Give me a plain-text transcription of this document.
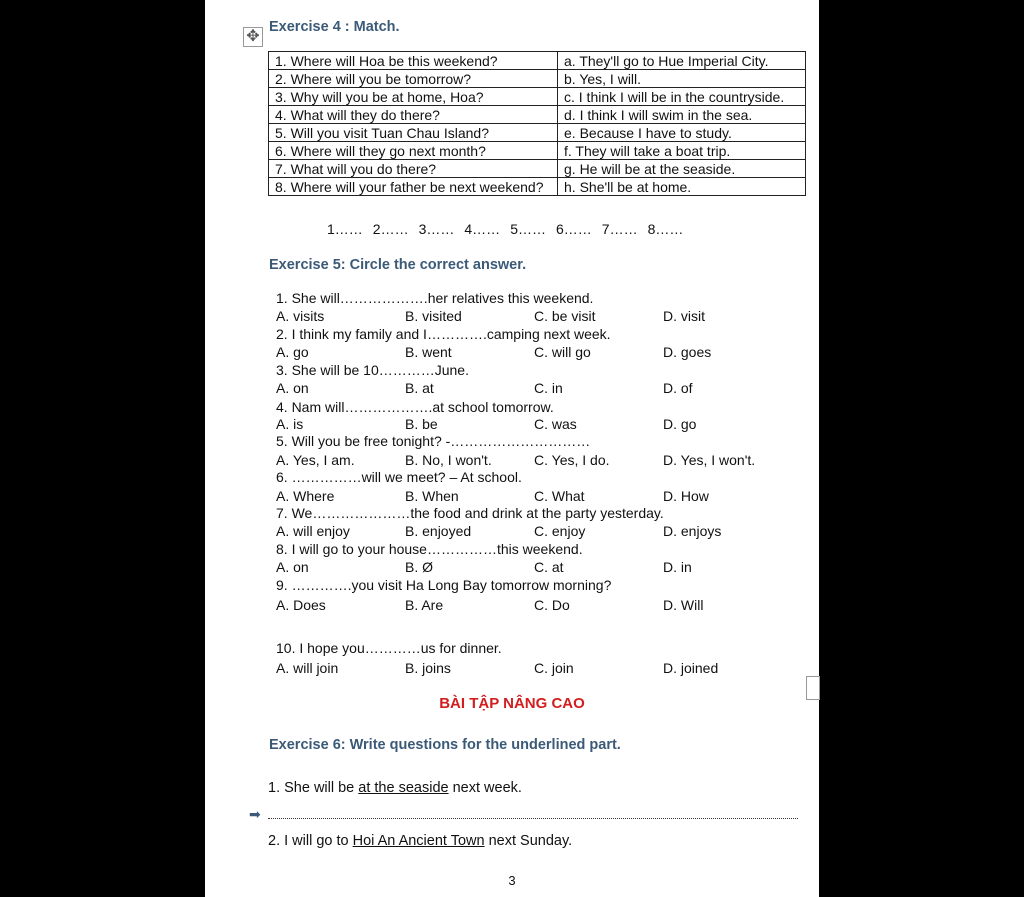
✥
Exercise 4 : Match.
1. Where will Hoa be this weekend?	a. They'll go to Hue Imperial City.
2. Where will you be tomorrow?	b. Yes, I will.
3. Why will you be at home, Hoa?	c. I think I will be in the countryside.
4. What will they do there?	d. I think I will swim in the sea.
5. Will you visit Tuan Chau Island?	e. Because I have to study.
6. Where will they go next month?	f. They will take a boat trip.
7. What will you do there?	g. He will be at the seaside.
8. Where will your father be next weekend?	h. She'll be at home.
1…… 2…… 3…… 4…… 5…… 6…… 7…… 8……
Exercise 5: Circle the correct answer.
1. She will……………….her relatives this weekend.
A. visits	B. visited	C. be visit	D. visit
2. I think my family and I………….camping next week.
A. go	B. went	C. will go	D. goes
3. She will be 10…………June.
A. on	B. at	C. in	D. of
4. Nam will……………….at school tomorrow.
A. is	B. be	C. was	D. go
5. Will you be free tonight? -…………………………
A. Yes, I am.	B. No, I won't.	C. Yes, I do.	D. Yes, I won't.
6. ……………will we meet? – At school.
A. Where	B. When	C. What	D. How
7. We…………………the food and drink at the party yesterday.
A. will enjoy	B. enjoyed	C. enjoy	D. enjoys
8. I will go to your house……………this weekend.
A. on	B. Ø	C. at	D. in
9. ………….you visit Ha Long Bay tomorrow morning?
A. Does	B. Are	C. Do	D. Will
10. I hope you…………us for dinner.
A. will join	B. joins	C. join	D. joined
BÀI TẬP NÂNG CAO
Exercise 6: Write questions for the underlined part.
1. She will be at the seaside next week.
➡
2. I will go to Hoi An Ancient Town next Sunday.
3
